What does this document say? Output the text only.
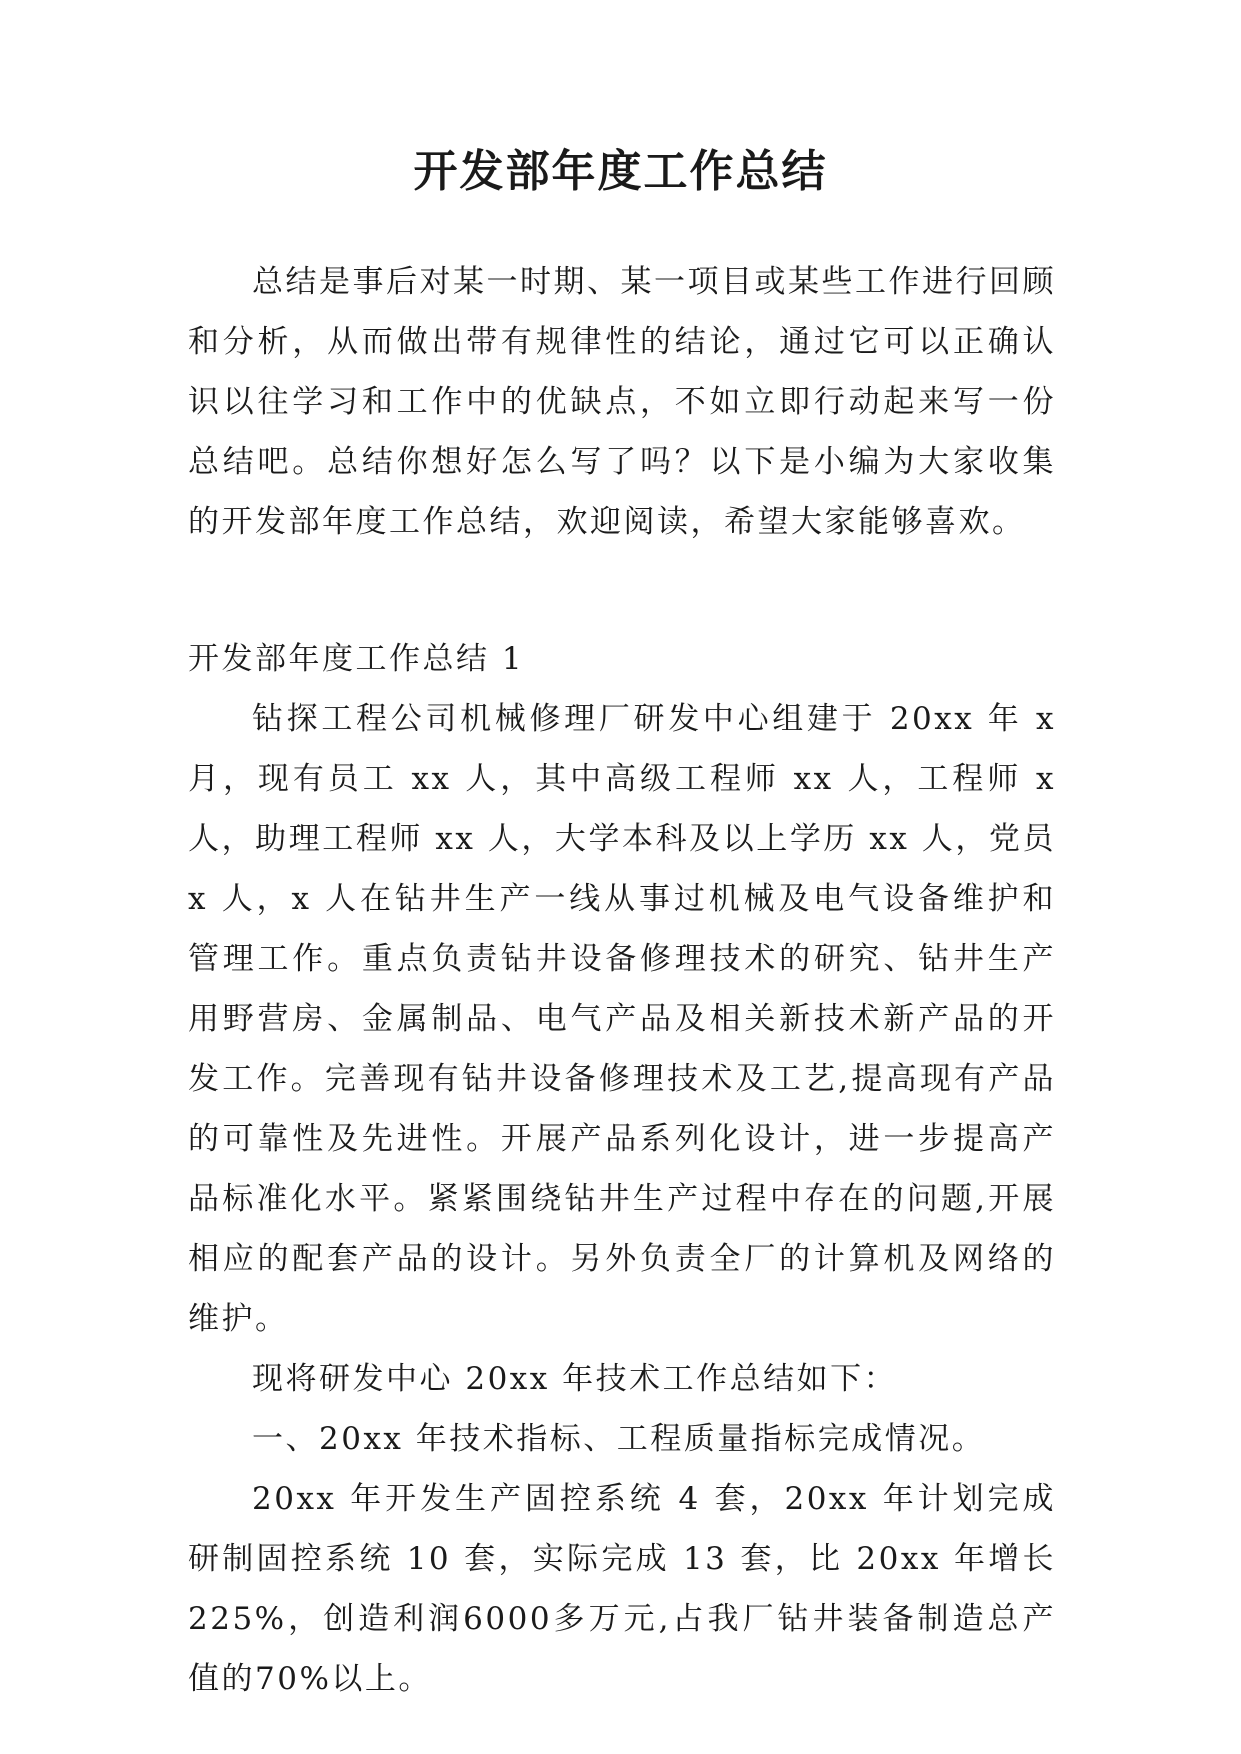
开发部年度工作总结

总结是事后对某一时期、某一项目或某些工作进行回顾和分析，从而做出带有规律性的结论，通过它可以正确认识以往学习和工作中的优缺点，不如立即行动起来写一份总结吧。总结你想好怎么写了吗？以下是小编为大家收集的开发部年度工作总结，欢迎阅读，希望大家能够喜欢。

开发部年度工作总结 1

钻探工程公司机械修理厂研发中心组建于 20xx 年 x 月，现有员工 xx 人，其中高级工程师 xx 人，工程师 x 人，助理工程师 xx 人，大学本科及以上学历 xx 人，党员 x 人，x 人在钻井生产一线从事过机械及电气设备维护和管理工作。重点负责钻井设备修理技术的研究、钻井生产用野营房、金属制品、电气产品及相关新技术新产品的开发工作。完善现有钻井设备修理技术及工艺,提高现有产品的可靠性及先进性。开展产品系列化设计，进一步提高产品标准化水平。紧紧围绕钻井生产过程中存在的问题,开展相应的配套产品的设计。另外负责全厂的计算机及网络的维护。

现将研发中心 20xx 年技术工作总结如下：

一、20xx 年技术指标、工程质量指标完成情况。

20xx 年开发生产固控系统 4 套，20xx 年计划完成研制固控系统 10 套，实际完成 13 套，比 20xx 年增长 225%，创造利润6000多万元,占我厂钻井装备制造总产值的70%以上。
